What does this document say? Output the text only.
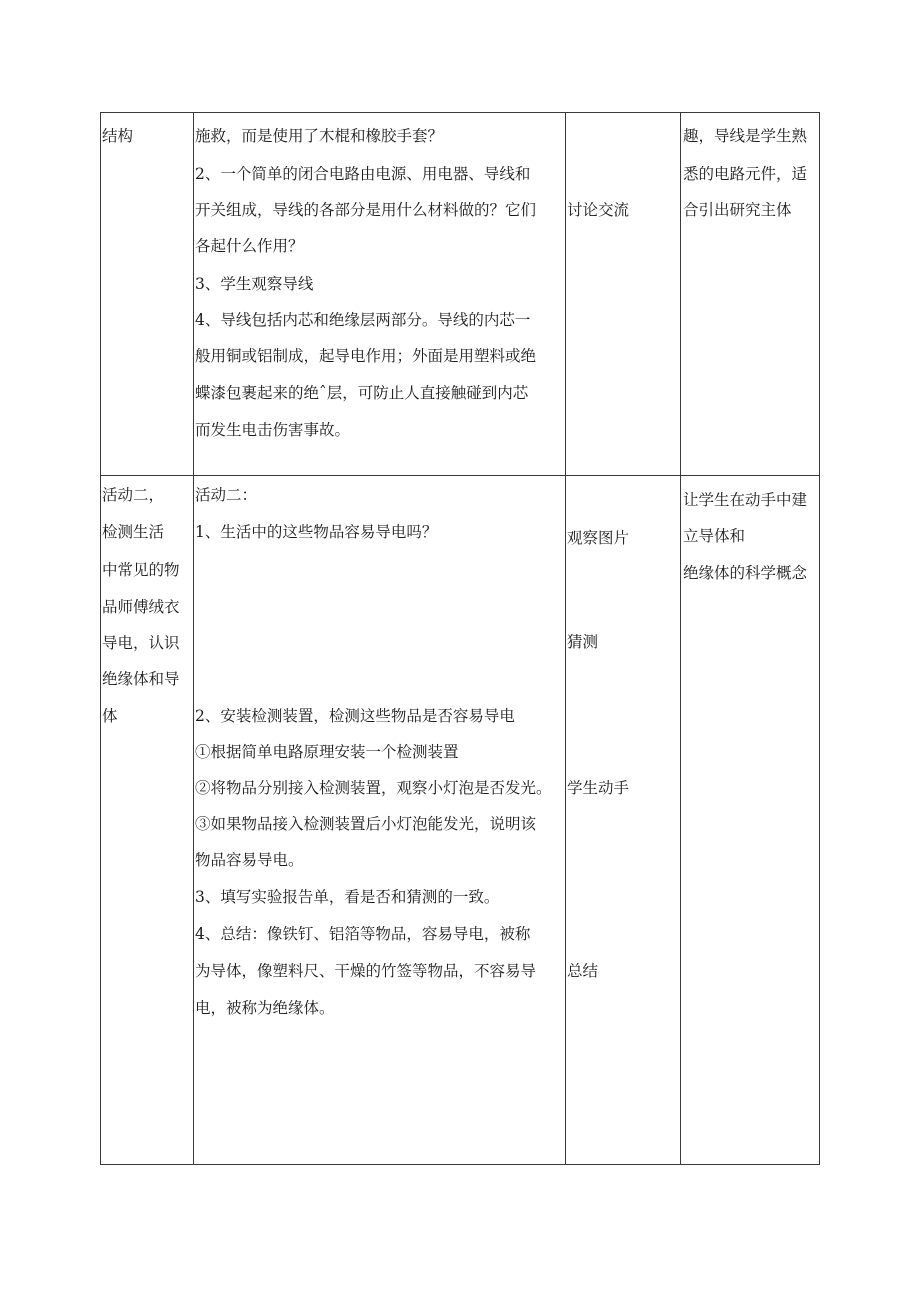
结构	施救，而是使用了木棍和橡胶手套？
2、一个简单的闭合电路由电源、用电器、导线和
开关组成，导线的各部分是用什么材料做的？它们
各起什么作用？
3、学生观察导线
4、导线包括内芯和绝缘层两部分。导线的内芯一
般用铜或铝制成，起导电作用；外面是用塑料或绝
蝶漆包裹起来的绝ˆ层，可防止人直接触碰到内芯
而发生电击伤害事故。
讨论交流
趣，导线是学生熟
悉的电路元件，适
合引出研究主体
活动二，
检测生活
中常见的物
品师傅绒衣
导电，认识
绝缘体和导
体
活动二：
1、生活中的这些物品容易导电吗？
2、安装检测装置，检测这些物品是否容易导电
①根据简单电路原理安装一个检测装置
②将物品分别接入检测装置，观察小灯泡是否发光。
③如果物品接入检测装置后小灯泡能发光，说明该
物品容易导电。
3、填写实验报告单，看是否和猜测的一致。
4、总结：像铁钉、铝箔等物品，容易导电，被称
为导体，像塑料尺、干燥的竹签等物品，不容易导
电，被称为绝缘体。
观察图片
猜测
学生动手
总结
让学生在动手中建
立导体和
绝缘体的科学概念
